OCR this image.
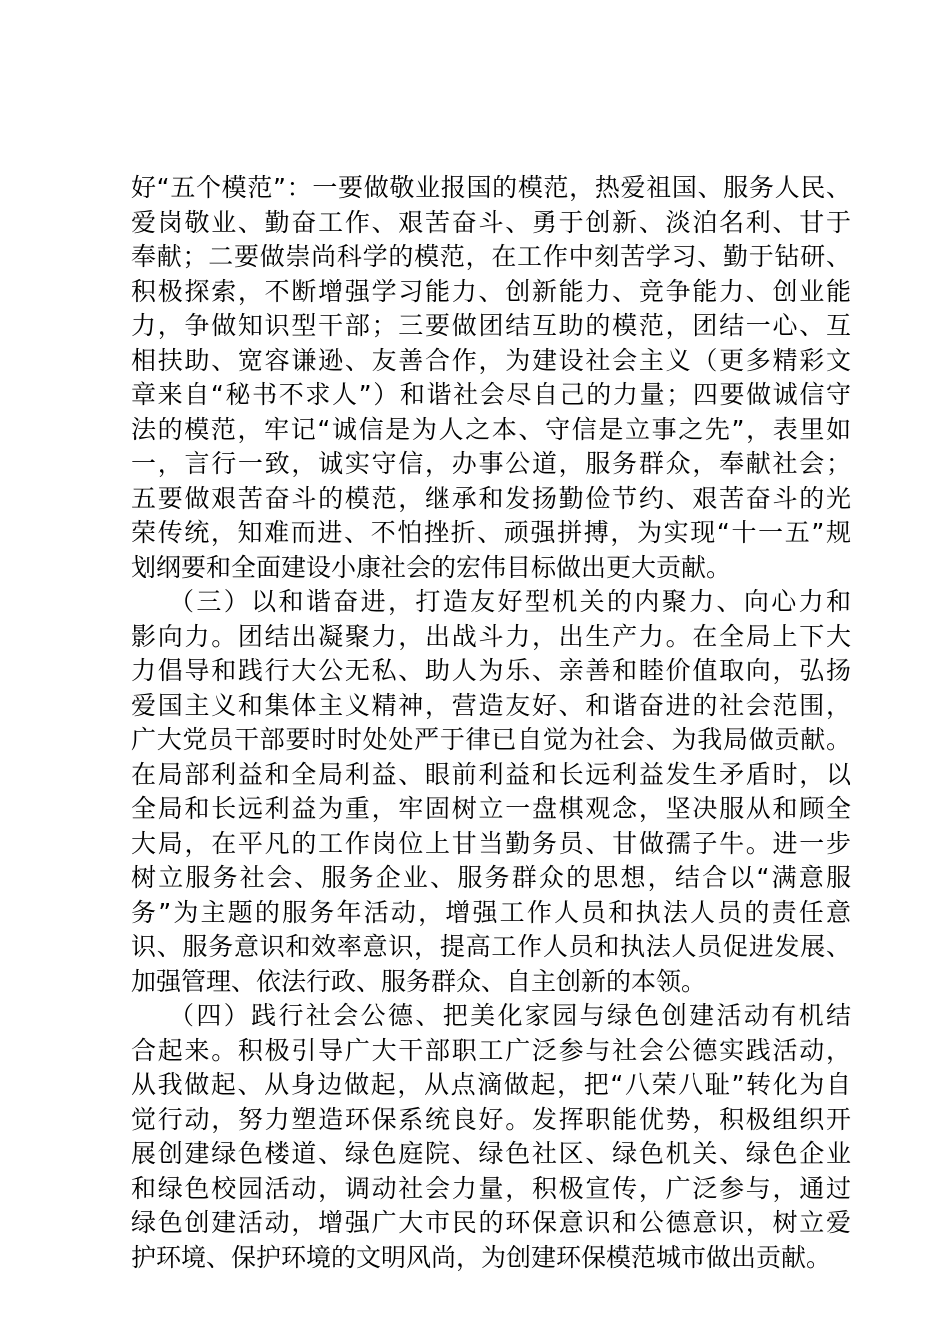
好“五个模范”：一要做敬业报国的模范，热爱祖国、服务人民、
爱岗敬业、勤奋工作、艰苦奋斗、勇于创新、淡泊名利、甘于
奉献；二要做崇尚科学的模范，在工作中刻苦学习、勤于钻研、
积极探索，不断增强学习能力、创新能力、竞争能力、创业能
力，争做知识型干部；三要做团结互助的模范，团结一心、互
相扶助、宽容谦逊、友善合作，为建设社会主义（更多精彩文
章来自“秘书不求人”）和谐社会尽自己的力量；四要做诚信守
法的模范，牢记“诚信是为人之本、守信是立事之先”，表里如
一，言行一致，诚实守信，办事公道，服务群众，奉献社会；
五要做艰苦奋斗的模范，继承和发扬勤俭节约、艰苦奋斗的光
荣传统，知难而进、不怕挫折、顽强拼搏，为实现“十一五”规
划纲要和全面建设小康社会的宏伟目标做出更大贡献。
（三）以和谐奋进，打造友好型机关的内聚力、向心力和
影向力。团结出凝聚力，出战斗力，出生产力。在全局上下大
力倡导和践行大公无私、助人为乐、亲善和睦价值取向，弘扬
爱国主义和集体主义精神，营造友好、和谐奋进的社会范围，
广大党员干部要时时处处严于律已自觉为社会、为我局做贡献。
在局部利益和全局利益、眼前利益和长远利益发生矛盾时，以
全局和长远利益为重，牢固树立一盘棋观念，坚决服从和顾全
大局，在平凡的工作岗位上甘当勤务员、甘做孺子牛。进一步
树立服务社会、服务企业、服务群众的思想，结合以“满意服
务”为主题的服务年活动，增强工作人员和执法人员的责任意
识、服务意识和效率意识，提高工作人员和执法人员促进发展、
加强管理、依法行政、服务群众、自主创新的本领。
（四）践行社会公德、把美化家园与绿色创建活动有机结
合起来。积极引导广大干部职工广泛参与社会公德实践活动，
从我做起、从身边做起，从点滴做起，把“八荣八耻”转化为自
觉行动，努力塑造环保系统良好。发挥职能优势，积极组织开
展创建绿色楼道、绿色庭院、绿色社区、绿色机关、绿色企业
和绿色校园活动，调动社会力量，积极宣传，广泛参与，通过
绿色创建活动，增强广大市民的环保意识和公德意识，树立爱
护环境、保护环境的文明风尚，为创建环保模范城市做出贡献。
